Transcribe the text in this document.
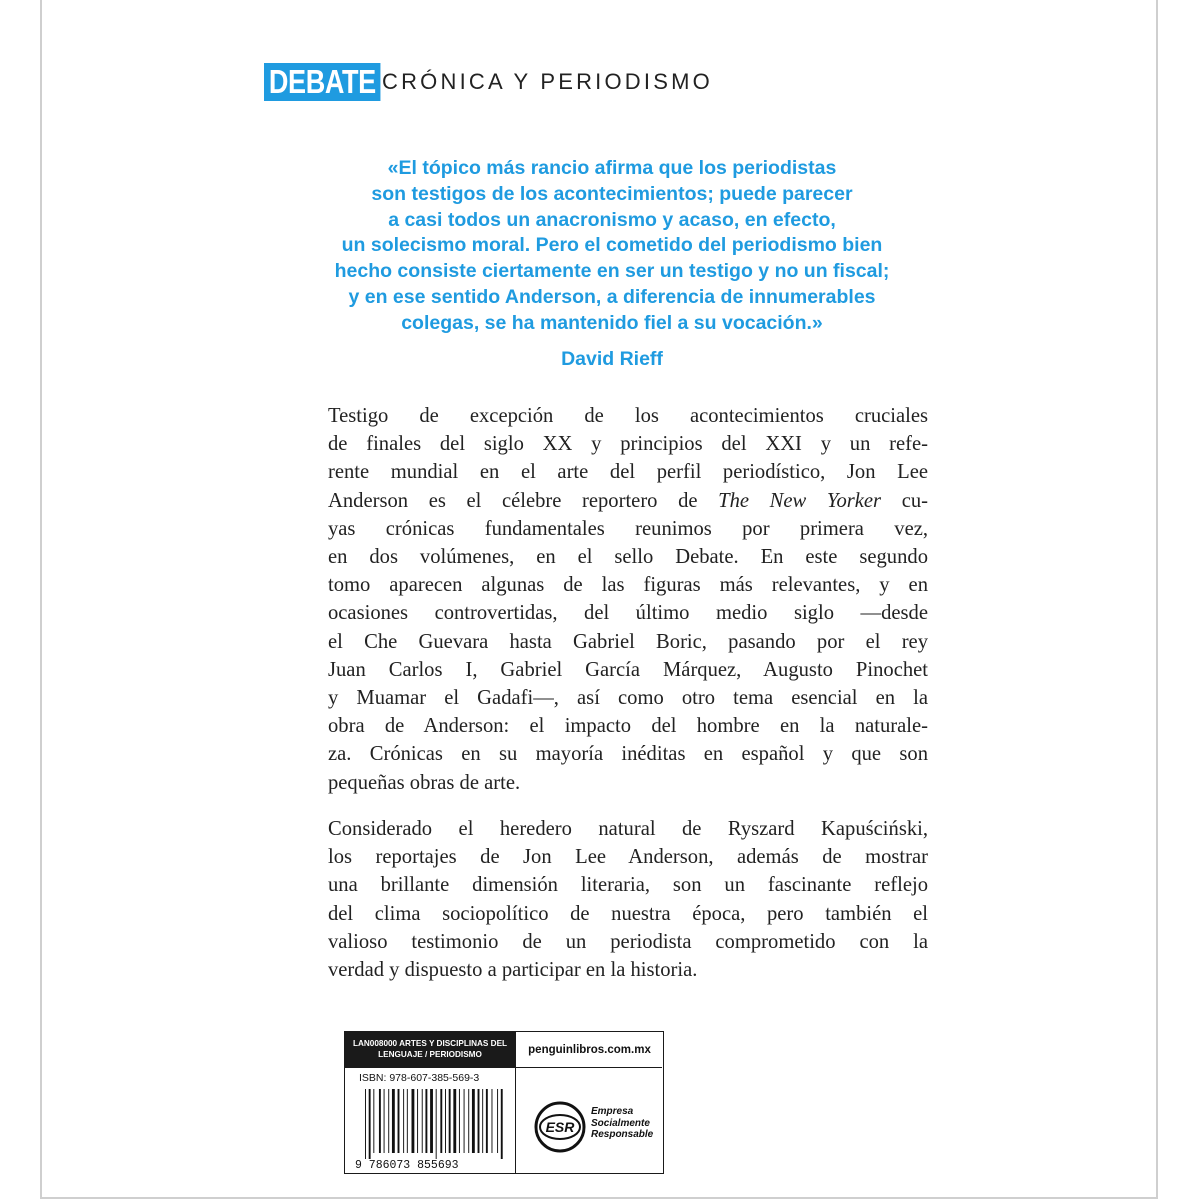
DEBATE CRÓNICA Y PERIODISMO
«El tópico más rancio afirma que los periodistas
son testigos de los acontecimientos; puede parecer
a casi todos un anacronismo y acaso, en efecto,
un solecismo moral. Pero el cometido del periodismo bien
hecho consiste ciertamente en ser un testigo y no un fiscal;
y en ese sentido Anderson, a diferencia de innumerables
colegas, se ha mantenido fiel a su vocación.»
David Rieff
Testigo de excepción de los acontecimientos cruciales
de finales del siglo XX y principios del XXI y un refe-
rente mundial en el arte del perfil periodístico, Jon Lee
Anderson es el célebre reportero de The New Yorker cu-
yas crónicas fundamentales reunimos por primera vez,
en dos volúmenes, en el sello Debate. En este segundo
tomo aparecen algunas de las figuras más relevantes, y en
ocasiones controvertidas, del último medio siglo —desde
el Che Guevara hasta Gabriel Boric, pasando por el rey
Juan Carlos I, Gabriel García Márquez, Augusto Pinochet
y Muamar el Gadafi—, así como otro tema esencial en la
obra de Anderson: el impacto del hombre en la naturale-
za. Crónicas en su mayoría inéditas en español y que son
pequeñas obras de arte.
Considerado el heredero natural de Ryszard Kapuściński,
los reportajes de Jon Lee Anderson, además de mostrar
una brillante dimensión literaria, son un fascinante reflejo
del clima sociopolítico de nuestra época, pero también el
valioso testimonio de un periodista comprometido con la
verdad y dispuesto a participar en la historia.
LAN008000 ARTES Y DISCIPLINAS DEL
LENGUAJE / PERIODISMO	penguinlibros.com.mx
ISBN: 978-607-385-569-3
9 786073 855693
ESR
Empresa
Socialmente
Responsable
